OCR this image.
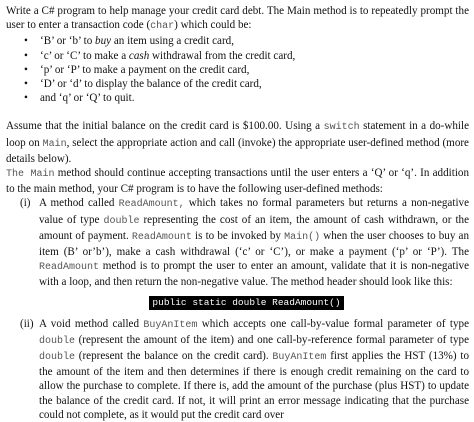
Write a C# program to help manage your credit card debt. The Main method is to repeatedly prompt the user to enter a transaction code (char) which could be:

• ‘B’ or ‘b’ to buy an item using a credit card,
• ‘c’ or ‘C’ to make a cash withdrawal from the credit card,
• ‘p’ or ‘P’ to make a payment on the credit card,
• ‘D’ or ‘d’ to display the balance of the credit card,
• and ‘q’ or ‘Q’ to quit.

Assume that the initial balance on the credit card is $100.00. Using a switch statement in a do-while loop on Main, select the appropriate action and call (invoke) the appropriate user-defined method (more details below).

The Main method should continue accepting transactions until the user enters a ‘Q’ or ‘q’. In addition to the main method, your C# program is to have the following user-defined methods:

(i) A method called ReadAmount, which takes no formal parameters but returns a non-negative value of type double representing the cost of an item, the amount of cash withdrawn, or the amount of payment. ReadAmount is to be invoked by Main() when the user chooses to buy an item (B’ or’b’), make a cash withdrawal (‘c’ or ‘C’), or make a payment (‘p’ or ‘P’). The ReadAmount method is to prompt the user to enter an amount, validate that it is non-negative with a loop, and then return the non-negative value. The method header should look like this:
public static double ReadAmount()
(ii) A void method called BuyAnItem which accepts one call-by-value formal parameter of type double (represent the amount of the item) and one call-by-reference formal parameter of type double (represent the balance on the credit card). BuyAnItem first applies the HST (13%) to the amount of the item and then determines if there is enough credit remaining on the card to allow the purchase to complete. If there is, add the amount of the purchase (plus HST) to update the balance of the credit card. If not, it will print an error message indicating that the purchase could not complete, as it would put the credit card over
